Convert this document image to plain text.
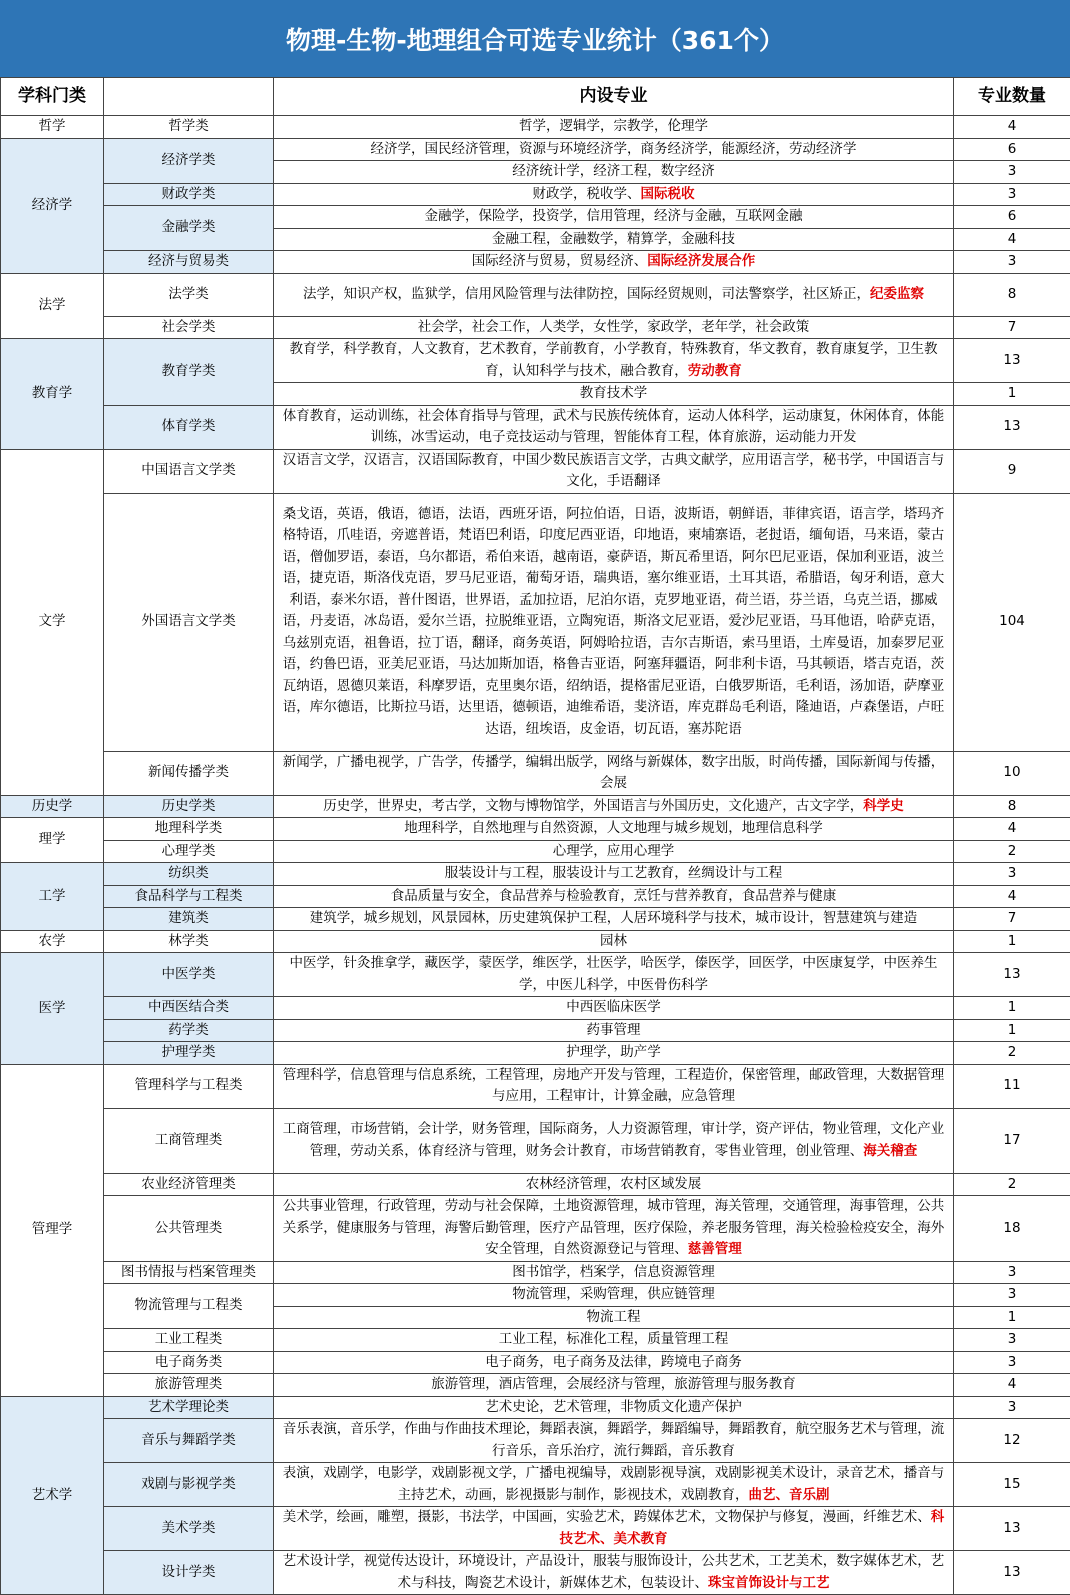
物理-生物-地理组合可选专业统计（361个）
学科门类		内设专业	专业数量
哲学	哲学类	哲学，逻辑学，宗教学，伦理学	4
经济学	经济学类	经济学，国民经济管理，资源与环境经济学，商务经济学，能源经济，劳动经济学	6
		经济统计学，经济工程，数字经济	3
	财政学类	财政学，税收学、国际税收	3
	金融学类	金融学，保险学，投资学，信用管理，经济与金融，互联网金融	6
		金融工程，金融数学，精算学，金融科技	4
	经济与贸易类	国际经济与贸易，贸易经济、国际经济发展合作	3
法学	法学类	法学，知识产权，监狱学，信用风险管理与法律防控，国际经贸规则，司法警察学，社区矫正，纪委监察	8
	社会学类	社会学，社会工作，人类学，女性学，家政学，老年学，社会政策	7
教育学	教育学类	教育学，科学教育，人文教育，艺术教育，学前教育，小学教育，特殊教育，华文教育，教育康复学，卫生教育，认知科学与技术，融合教育，劳动教育	13
		教育技术学	1
	体育学类	体育教育，运动训练，社会体育指导与管理，武术与民族传统体育，运动人体科学，运动康复，休闲体育，体能训练，冰雪运动，电子竞技运动与管理，智能体育工程，体育旅游，运动能力开发	13
文学	中国语言文学类	汉语言文学，汉语言，汉语国际教育，中国少数民族语言文学，古典文献学，应用语言学，秘书学，中国语言与文化，手语翻译	9
	外国语言文学类	桑戈语，英语，俄语，德语，法语，西班牙语，阿拉伯语，日语，波斯语，朝鲜语，菲律宾语，语言学，塔玛齐格特语，爪哇语，旁遮普语，梵语巴利语，印度尼西亚语，印地语，柬埔寨语，老挝语，缅甸语，马来语，蒙古语，僧伽罗语，泰语，乌尔都语，希伯来语，越南语，豪萨语，斯瓦希里语，阿尔巴尼亚语，保加利亚语，波兰语，捷克语，斯洛伐克语，罗马尼亚语，葡萄牙语，瑞典语，塞尔维亚语，土耳其语，希腊语，匈牙利语，意大利语，泰米尔语，普什图语，世界语，孟加拉语，尼泊尔语，克罗地亚语，荷兰语，芬兰语，乌克兰语，挪威语，丹麦语，冰岛语，爱尔兰语，拉脱维亚语，立陶宛语，斯洛文尼亚语，爱沙尼亚语，马耳他语，哈萨克语，乌兹别克语，祖鲁语，拉丁语，翻译，商务英语，阿姆哈拉语，吉尔吉斯语，索马里语，土库曼语，加泰罗尼亚语，约鲁巴语，亚美尼亚语，马达加斯加语，格鲁吉亚语，阿塞拜疆语，阿非利卡语，马其顿语，塔吉克语，茨瓦纳语，恩德贝莱语，科摩罗语，克里奥尔语，绍纳语，提格雷尼亚语，白俄罗斯语，毛利语，汤加语，萨摩亚语，库尔德语，比斯拉马语，达里语，德顿语，迪维希语，斐济语，库克群岛毛利语，隆迪语，卢森堡语，卢旺达语，纽埃语，皮金语，切瓦语，塞苏陀语	104
	新闻传播学类	新闻学，广播电视学，广告学，传播学，编辑出版学，网络与新媒体，数字出版，时尚传播，国际新闻与传播，会展	10
历史学	历史学类	历史学，世界史，考古学，文物与博物馆学，外国语言与外国历史，文化遗产，古文字学，科学史	8
理学	地理科学类	地理科学，自然地理与自然资源，人文地理与城乡规划，地理信息科学	4
	心理学类	心理学，应用心理学	2
工学	纺织类	服装设计与工程，服装设计与工艺教育，丝绸设计与工程	3
	食品科学与工程类	食品质量与安全，食品营养与检验教育，烹饪与营养教育，食品营养与健康	4
	建筑类	建筑学，城乡规划，风景园林，历史建筑保护工程，人居环境科学与技术，城市设计，智慧建筑与建造	7
农学	林学类	园林	1
医学	中医学类	中医学，针灸推拿学，藏医学，蒙医学，维医学，壮医学，哈医学，傣医学，回医学，中医康复学，中医养生学，中医儿科学，中医骨伤科学	13
	中西医结合类	中西医临床医学	1
	药学类	药事管理	1
	护理学类	护理学，助产学	2
管理学	管理科学与工程类	管理科学，信息管理与信息系统，工程管理，房地产开发与管理，工程造价，保密管理，邮政管理，大数据管理与应用，工程审计，计算金融，应急管理	11
	工商管理类	工商管理，市场营销，会计学，财务管理，国际商务，人力资源管理，审计学，资产评估，物业管理，文化产业管理，劳动关系，体育经济与管理，财务会计教育，市场营销教育，零售业管理，创业管理、海关稽查	17
	农业经济管理类	农林经济管理，农村区域发展	2
	公共管理类	公共事业管理，行政管理，劳动与社会保障，土地资源管理，城市管理，海关管理，交通管理，海事管理，公共关系学，健康服务与管理，海警后勤管理，医疗产品管理，医疗保险，养老服务管理，海关检验检疫安全，海外安全管理，自然资源登记与管理、慈善管理	18
	图书情报与档案管理类	图书馆学，档案学，信息资源管理	3
	物流管理与工程类	物流管理，采购管理，供应链管理	3
		物流工程	1
	工业工程类	工业工程，标准化工程，质量管理工程	3
	电子商务类	电子商务，电子商务及法律，跨境电子商务	3
	旅游管理类	旅游管理，酒店管理，会展经济与管理，旅游管理与服务教育	4
艺术学	艺术学理论类	艺术史论，艺术管理，非物质文化遗产保护	3
	音乐与舞蹈学类	音乐表演，音乐学，作曲与作曲技术理论，舞蹈表演，舞蹈学，舞蹈编导，舞蹈教育，航空服务艺术与管理，流行音乐，音乐治疗，流行舞蹈，音乐教育	12
	戏剧与影视学类	表演，戏剧学，电影学，戏剧影视文学，广播电视编导，戏剧影视导演，戏剧影视美术设计，录音艺术，播音与主持艺术，动画，影视摄影与制作，影视技术，戏剧教育，曲艺、音乐剧	15
	美术学类	美术学，绘画，雕塑，摄影，书法学，中国画，实验艺术，跨媒体艺术，文物保护与修复，漫画，纤维艺术、科技艺术、美术教育	13
	设计学类	艺术设计学，视觉传达设计，环境设计，产品设计，服装与服饰设计，公共艺术，工艺美术，数字媒体艺术，艺术与科技，陶瓷艺术设计，新媒体艺术，包装设计、珠宝首饰设计与工艺	13
